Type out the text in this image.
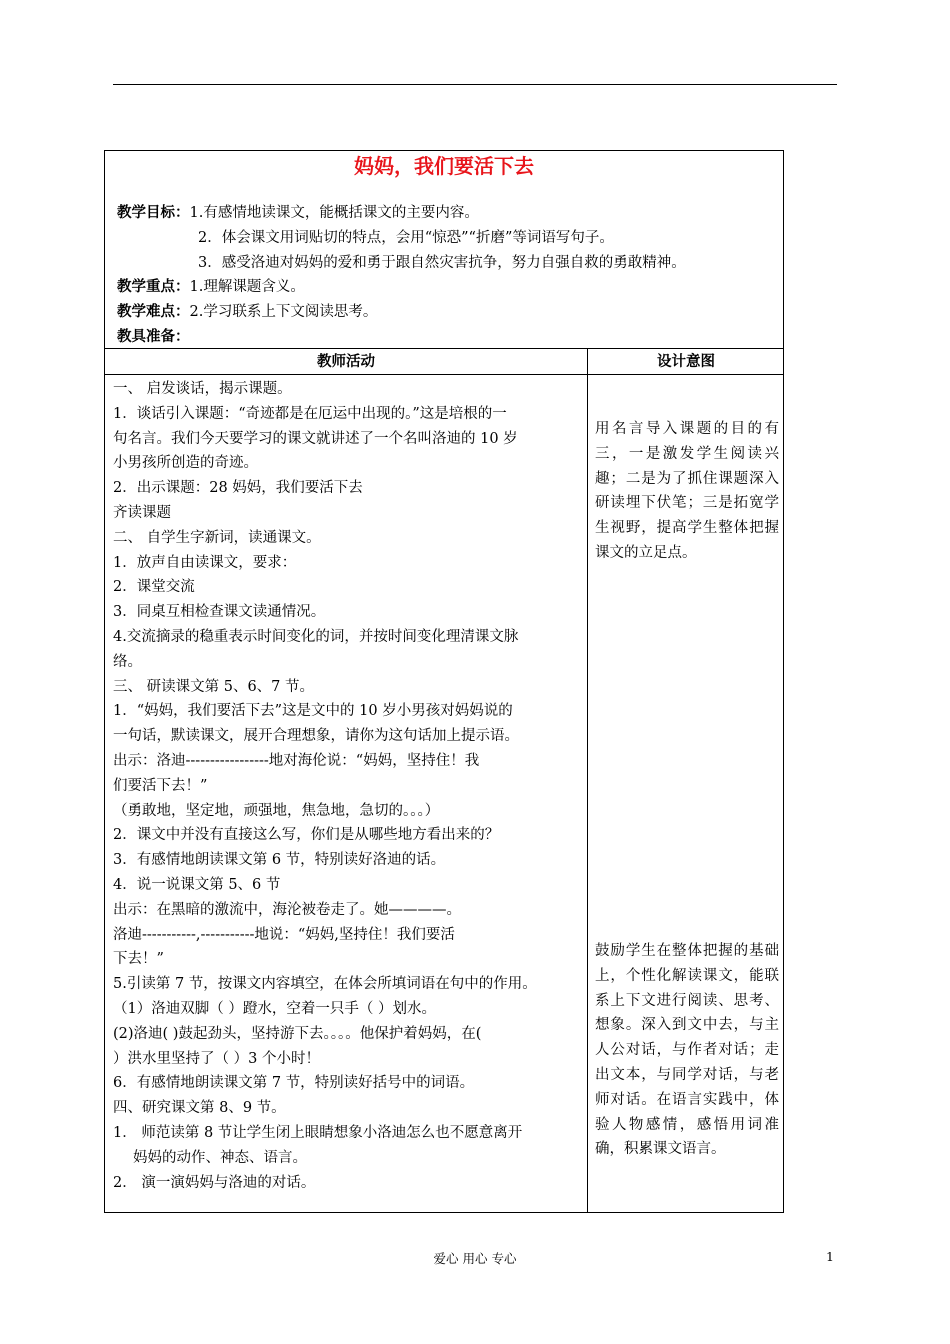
妈妈，我们要活下去
教学目标：1.有感情地读课文，能概括课文的主要内容。
2．体会课文用词贴切的特点，会用“惊恐”“折磨”等词语写句子。
3．感受洛迪对妈妈的爱和勇于跟自然灾害抗争，努力自强自救的勇敢精神。
教学重点：1.理解课题含义。
教学难点：2.学习联系上下文阅读思考。
教具准备：
教师活动	设计意图
一、 启发谈话，揭示课题。
1．谈话引入课题：“奇迹都是在厄运中出现的。”这是培根的一
句名言。我们今天要学习的课文就讲述了一个名叫洛迪的 10 岁
小男孩所创造的奇迹。
2．出示课题：28 妈妈，我们要活下去
齐读课题
二、 自学生字新词，读通课文。
1．放声自由读课文，要求：
2．课堂交流
3．同桌互相检查课文读通情况。
4.交流摘录的稳重表示时间变化的词，并按时间变化理清课文脉
络。
三、 研读课文第 5、6、7 节。
1．“妈妈，我们要活下去”这是文中的 10 岁小男孩对妈妈说的
一句话，默读课文，展开合理想象，请你为这句话加上提示语。
出示：洛迪-----------------地对海伦说：“妈妈，坚持住！我
们要活下去！”
（勇敢地，坚定地，顽强地，焦急地，急切的。。。）
2．课文中并没有直接这么写，你们是从哪些地方看出来的？
3．有感情地朗读课文第 6 节，特别读好洛迪的话。
4．说一说课文第 5、6 节
出示：在黑暗的激流中，海沦被卷走了。她————。
洛迪-----------,-----------地说：“妈妈,坚持住！我们要活
下去！”
5.引读第 7 节，按课文内容填空，在体会所填词语在句中的作用。
（1）洛迪双脚（ ）蹬水，空着一只手（ ）划水。
(2)洛迪( )鼓起劲头，坚持游下去。。。。他保护着妈妈，在(
）洪水里坚持了（ ）3 个小时！
6．有感情地朗读课文第 7 节，特别读好括号中的词语。
四、研究课文第 8、9 节。
1． 师范读第 8 节让学生闭上眼睛想象小洛迪怎么也不愿意离开
妈妈的动作、神态、语言。
2． 演一演妈妈与洛迪的对话。
用名言导入课题的目的有三，一是激发学生阅读兴趣；二是为了抓住课题深入研读埋下伏笔；三是拓宽学生视野，提高学生整体把握课文的立足点。
鼓励学生在整体把握的基础上，个性化解读课文，能联系上下文进行阅读、思考、想象。深入到文中去，与主人公对话，与作者对话；走出文本，与同学对话，与老师对话。在语言实践中，体验人物感情，感悟用词准确，积累课文语言。
爱心 用心 专心	1
